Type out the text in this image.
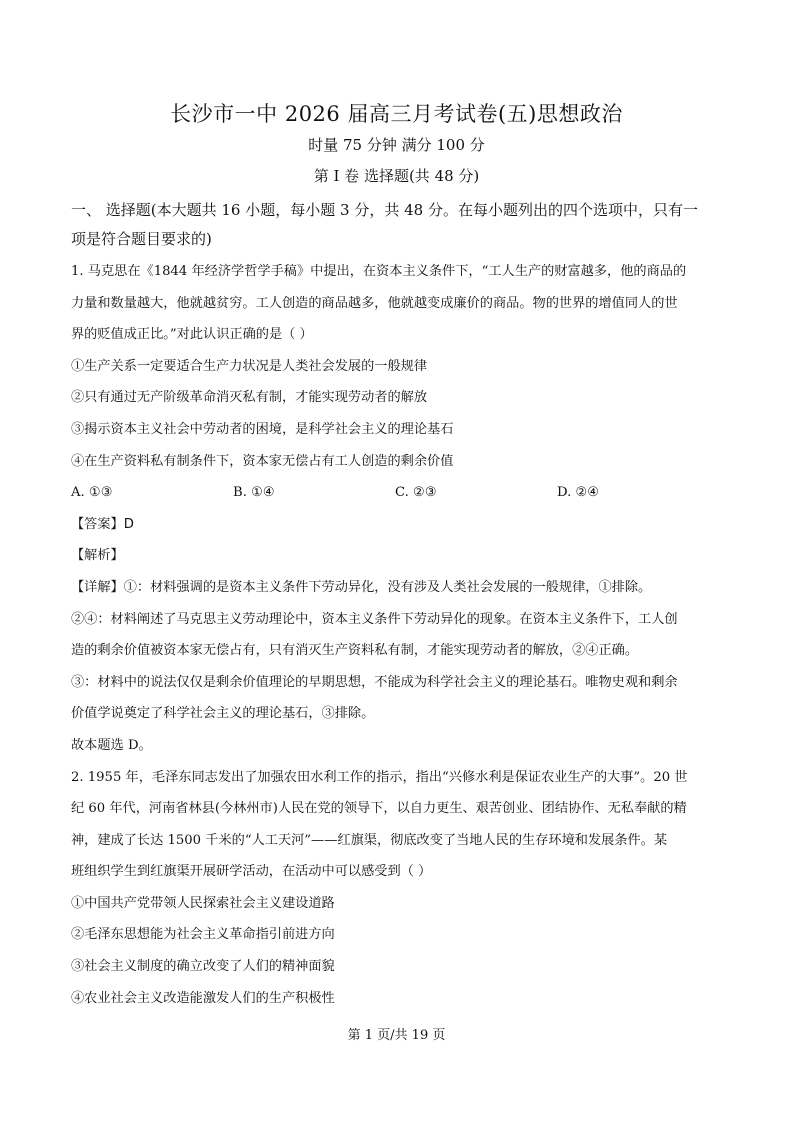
长沙市一中 2026 届高三月考试卷(五)思想政治
时量 75 分钟 满分 100 分
第 I 卷 选择题(共 48 分)
一、 选择题(本大题共 16 小题，每小题 3 分，共 48 分。在每小题列出的四个选项中，只有一
项是符合题目要求的)
1. 马克思在《1844 年经济学哲学手稿》中提出，在资本主义条件下，“工人生产的财富越多，他的商品的
力量和数量越大，他就越贫穷。工人创造的商品越多，他就越变成廉价的商品。物的世界的增值同人的世
界的贬值成正比。”对此认识正确的是（ ）
①生产关系一定要适合生产力状况是人类社会发展的一般规律
②只有通过无产阶级革命消灭私有制，才能实现劳动者的解放
③揭示资本主义社会中劳动者的困境，是科学社会主义的理论基石
④在生产资料私有制条件下，资本家无偿占有工人创造的剩余价值
A. ①③	B. ①④	C. ②③	D. ②④
【答案】D
【解析】
【详解】①：材料强调的是资本主义条件下劳动异化，没有涉及人类社会发展的一般规律，①排除。
②④：材料阐述了马克思主义劳动理论中，资本主义条件下劳动异化的现象。在资本主义条件下，工人创
造的剩余价值被资本家无偿占有，只有消灭生产资料私有制，才能实现劳动者的解放，②④正确。
③：材料中的说法仅仅是剩余价值理论的早期思想，不能成为科学社会主义的理论基石。唯物史观和剩余
价值学说奠定了科学社会主义的理论基石，③排除。
故本题选 D。
2. 1955 年，毛泽东同志发出了加强农田水利工作的指示，指出“兴修水利是保证农业生产的大事”。20 世
纪 60 年代，河南省林县(今林州市)人民在党的领导下，以自力更生、艰苦创业、团结协作、无私奉献的精
神，建成了长达 1500 千米的“人工天河”——红旗渠，彻底改变了当地人民的生存环境和发展条件。某
班组织学生到红旗渠开展研学活动，在活动中可以感受到（ ）
①中国共产党带领人民探索社会主义建设道路
②毛泽东思想能为社会主义革命指引前进方向
③社会主义制度的确立改变了人们的精神面貌
④农业社会主义改造能激发人们的生产积极性
第 1 页/共 19 页
